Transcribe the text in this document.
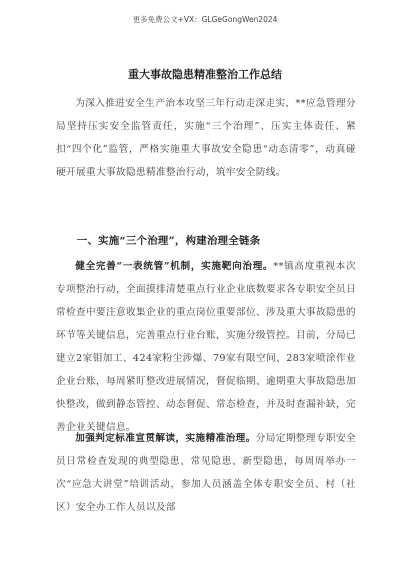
更多免费公文+VX：GLGeGongWen2024
重大事故隐患精准整治工作总结
为深入推进安全生产治本攻坚三年行动走深走实，**应急管理分局坚持压实安全监管责任，实施“三个治理”、压实主体责任、紧扣“四个化”监管，严格实施重大事故安全隐患“动态清零”，动真碰硬开展重大事故隐患精准整治行动，筑牢安全防线。
一、实施“三个治理”，构建治理全链条
健全完善“一表统管”机制，实施靶向治理。**镇高度重视本次专项整治行动，全面摸排清楚重点行业企业底数要求各专职安全员日常检查中要注意收集企业的重点岗位重要部位、涉及重大事故隐患的环节等关键信息，完善重点行业台账，实施分级管控。目前，分局已建立2家钼加工、424家粉尘涉爆、79家有限空间、283家喷涂作业企业台账，每周紧盯整改进展情况，督促临期、逾期重大事故隐患加快整改，做到静态管控、动态督促、常态检查，并及时查漏补缺，完善企业关键信息。
加强判定标准宣贯解读，实施精准治理。分局定期整理专职安全员日常检查发现的典型隐患、常见隐患、新型隐患，每周周举办一次“应急大讲堂”培训活动，参加人员涵盖全体专职安全员、村（社区）安全办工作人员以及部
